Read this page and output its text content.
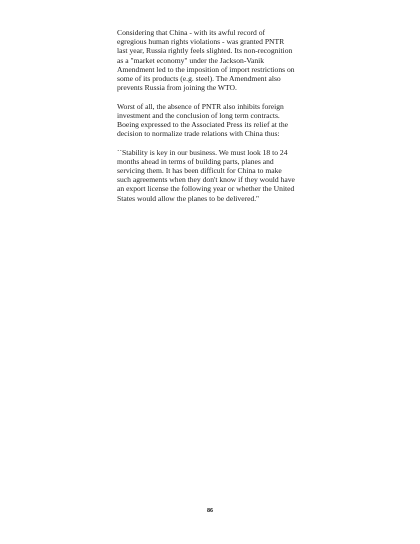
Considering that China - with its awful record of
egregious human rights violations - was granted PNTR
last year, Russia rightly feels slighted. Its non-recognition
as a "market economy" under the Jackson-Vanik
Amendment led to the imposition of import restrictions on
some of its products (e.g. steel). The Amendment also
prevents Russia from joining the WTO.

Worst of all, the absence of PNTR also inhibits foreign
investment and the conclusion of long term contracts.
Boeing expressed to the Associated Press its relief at the
decision to normalize trade relations with China thus:

``Stability is key in our business. We must look 18 to 24
months ahead in terms of building parts, planes and
servicing them. It has been difficult for China to make
such agreements when they don't know if they would have
an export license the following year or whether the United
States would allow the planes to be delivered.''

86
